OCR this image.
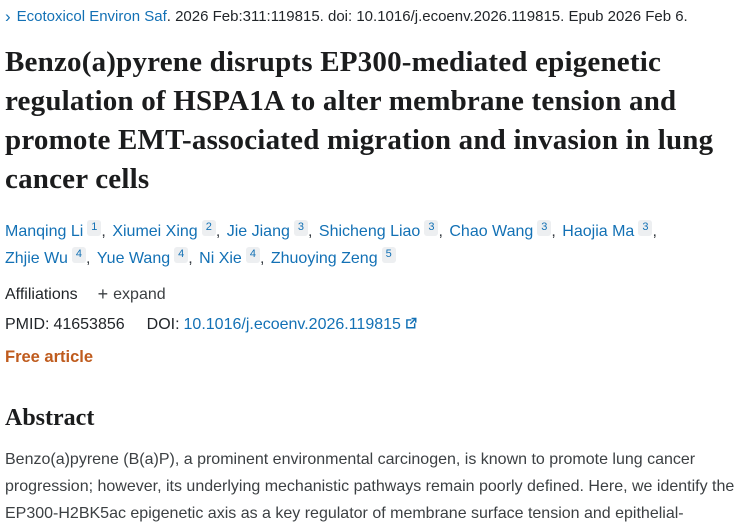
› Ecotoxicol Environ Saf . 2026 Feb:311:119815. doi: 10.1016/j.ecoenv.2026.119815. Epub 2026 Feb 6.
Benzo(a)pyrene disrupts EP300-mediated epigenetic regulation of HSPA1A to alter membrane tension and promote EMT-associated migration and invasion in lung cancer cells
Manqing Li $^1$ , Xiumei Xing $^2$ , Jie Jiang $^3$ , Shicheng Liao $^3$ , Chao Wang $^3$ , Haojia Ma $^3$ , Zhjie Wu $^4$ , Yue Wang $^4$ , Ni Xie $^4$ , Zhuoying Zeng $^5$
Affiliations + expand
PMID: 41653856 DOI: 10.1016/j.ecoenv.2026.119815
Free article
Abstract

Benzo(a)pyrene (B(a)P), a prominent environmental carcinogen, is known to promote lung cancer progression; however, its underlying mechanistic pathways remain poorly defined. Here, we identify the EP300-H2BK5ac epigenetic axis as a key regulator of membrane surface tension and epithelial-
